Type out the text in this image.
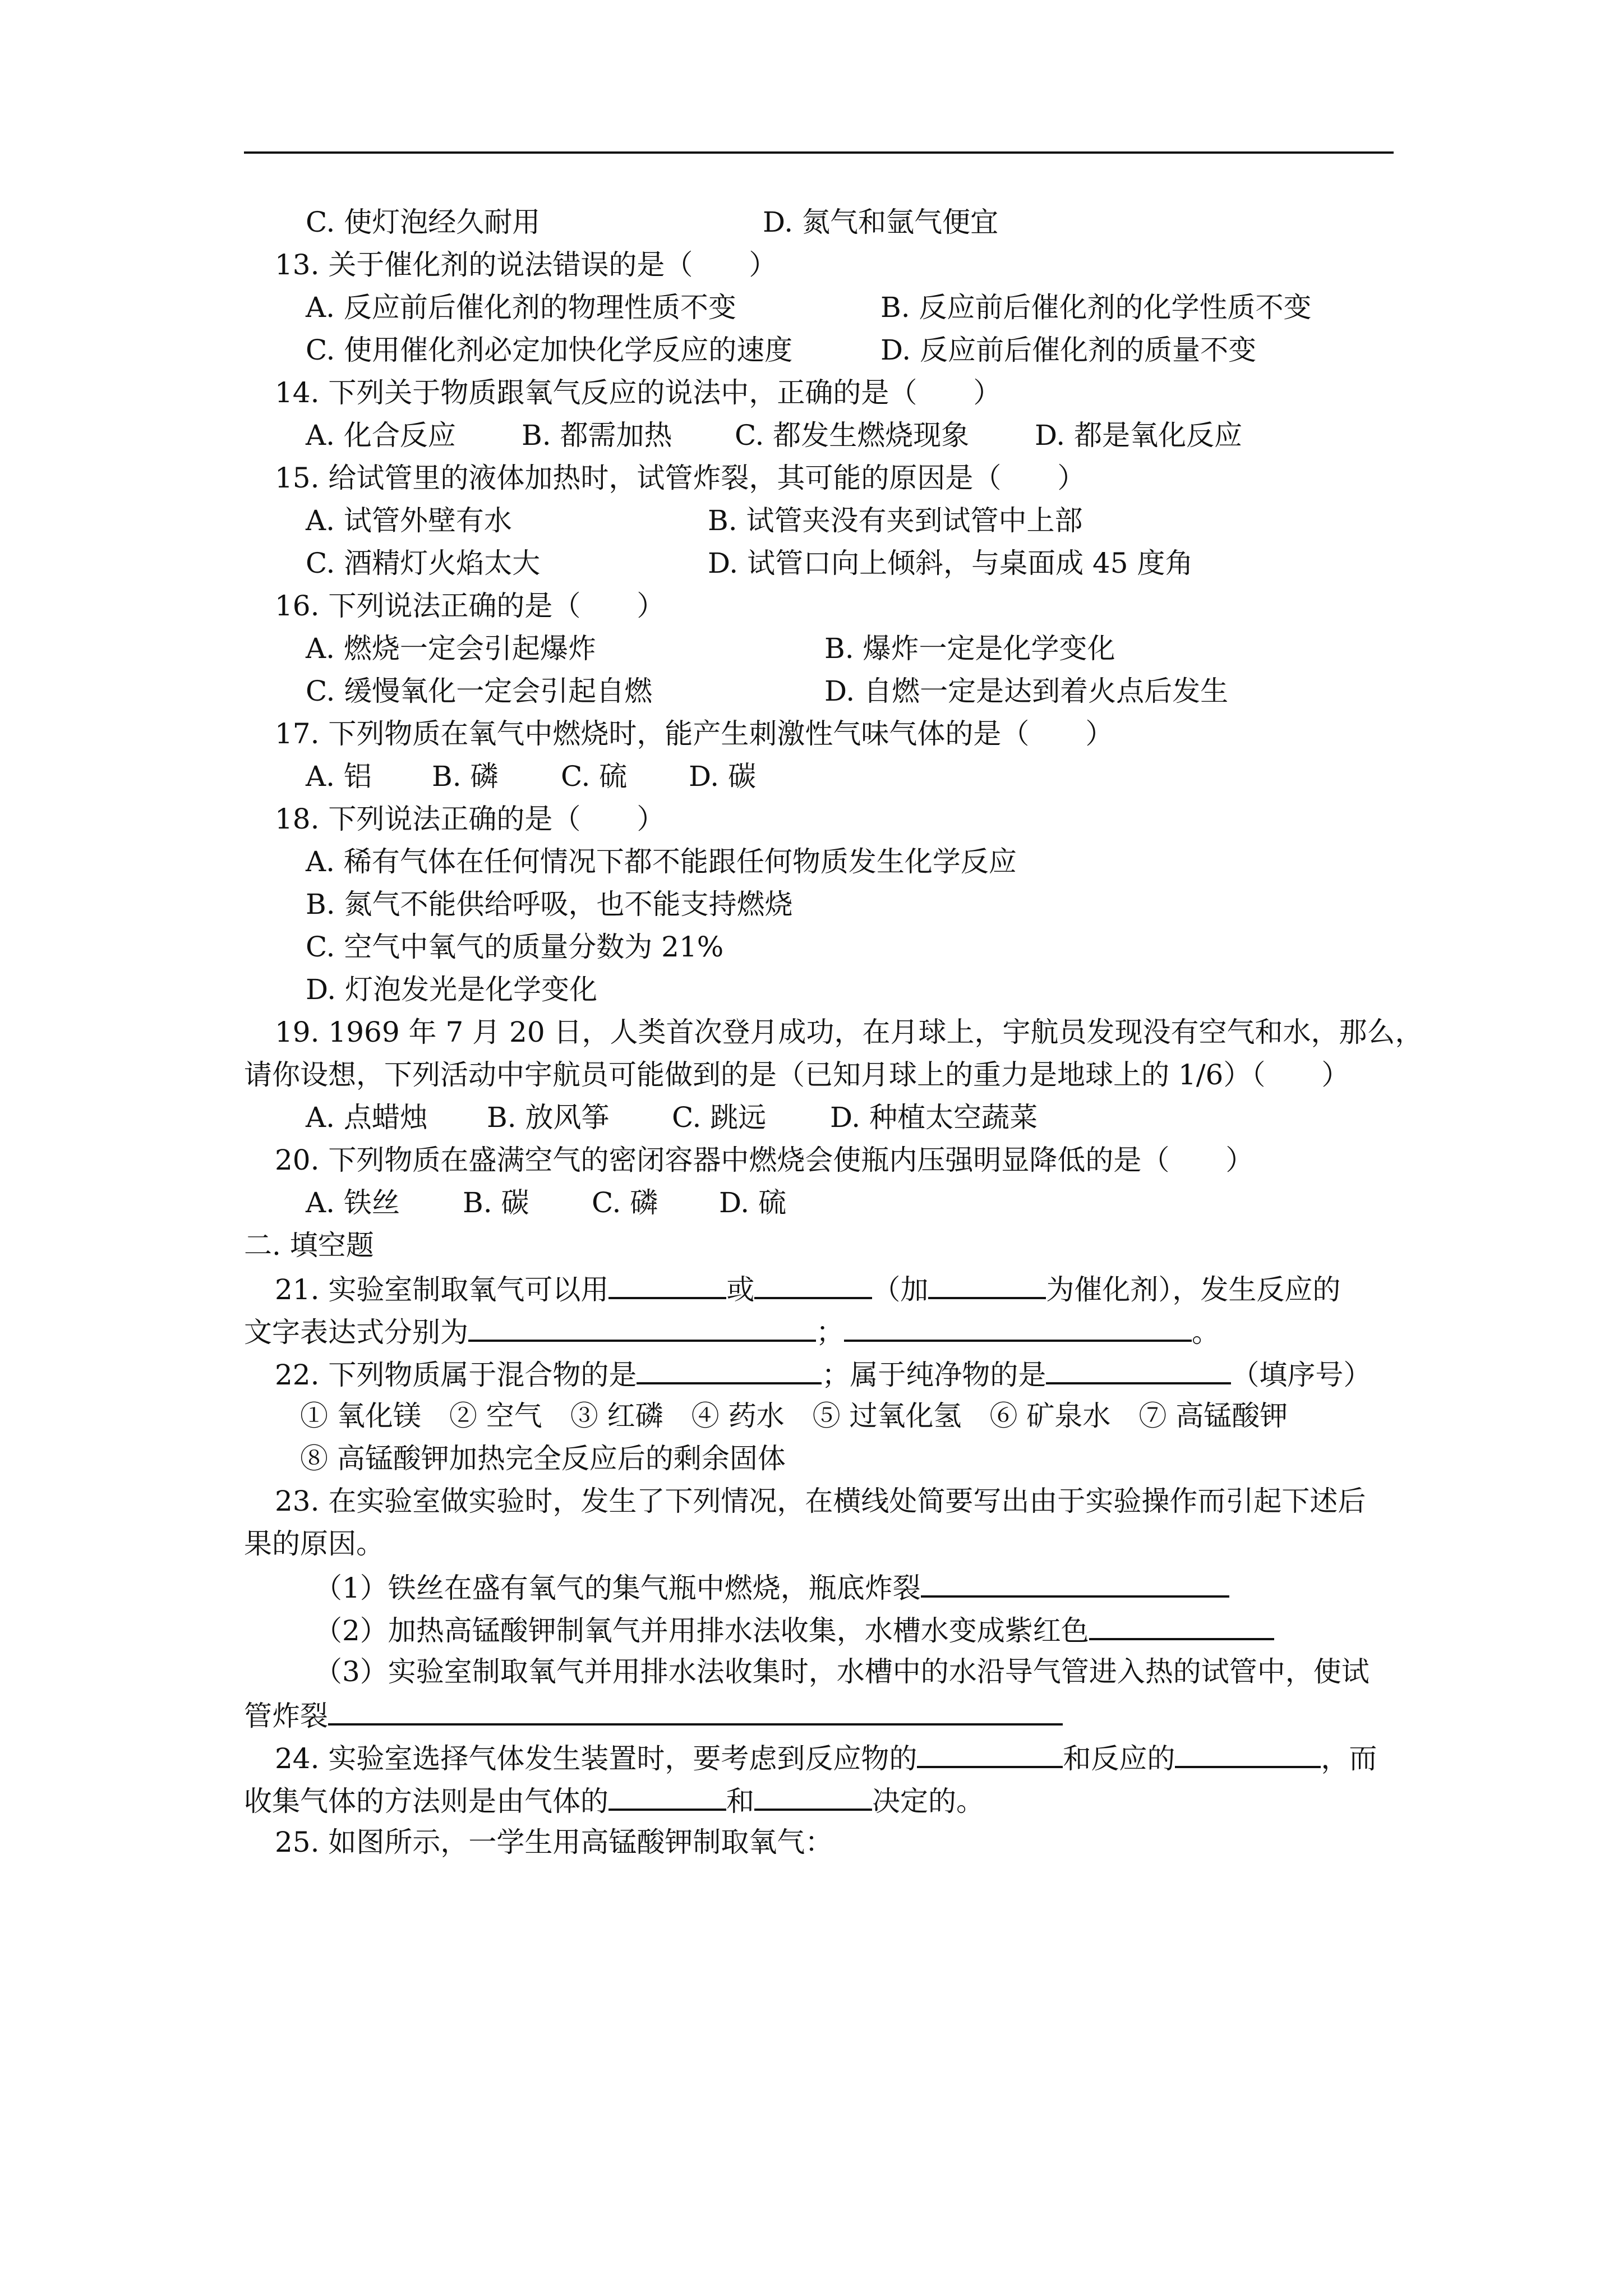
C. 使灯泡经久耐用	D. 氮气和氩气便宜
13. 关于催化剂的说法错误的是（　　）
A. 反应前后催化剂的物理性质不变	B. 反应前后催化剂的化学性质不变
C. 使用催化剂必定加快化学反应的速度	D. 反应前后催化剂的质量不变
14. 下列关于物质跟氧气反应的说法中，正确的是（　　）
A. 化合反应 B. 都需加热 C. 都发生燃烧现象 D. 都是氧化反应
15. 给试管里的液体加热时，试管炸裂，其可能的原因是（　　）
A. 试管外壁有水	B. 试管夹没有夹到试管中上部
C. 酒精灯火焰太大	D. 试管口向上倾斜，与桌面成 45 度角
16. 下列说法正确的是（　　）
A. 燃烧一定会引起爆炸	B. 爆炸一定是化学变化
C. 缓慢氧化一定会引起自燃	D. 自燃一定是达到着火点后发生
17. 下列物质在氧气中燃烧时，能产生刺激性气味气体的是（　　）
A. 铝 B. 磷 C. 硫 D. 碳
18. 下列说法正确的是（　　）
A. 稀有气体在任何情况下都不能跟任何物质发生化学反应
B. 氮气不能供给呼吸，也不能支持燃烧
C. 空气中氧气的质量分数为 21%
D. 灯泡发光是化学变化
19. 1969 年 7 月 20 日，人类首次登月成功，在月球上，宇航员发现没有空气和水，那么，
请你设想，下列活动中宇航员可能做到的是（已知月球上的重力是地球上的 1/6）（　　）
A. 点蜡烛 B. 放风筝 C. 跳远 D. 种植太空蔬菜
20. 下列物质在盛满空气的密闭容器中燃烧会使瓶内压强明显降低的是（　　）
A. 铁丝 B. 碳 C. 磷 D. 硫
二. 填空题
21. 实验室制取氧气可以用	或	（加	为催化剂），发生反应的
文字表达式分别为	；	。
22. 下列物质属于混合物的是	；属于纯净物的是	（填序号）
① 氧化镁　② 空气　③ 红磷　④ 药水　⑤ 过氧化氢　⑥ 矿泉水　⑦ 高锰酸钾
⑧ 高锰酸钾加热完全反应后的剩余固体
23. 在实验室做实验时，发生了下列情况，在横线处简要写出由于实验操作而引起下述后
果的原因。
（1）铁丝在盛有氧气的集气瓶中燃烧，瓶底炸裂
（2）加热高锰酸钾制氧气并用排水法收集，水槽水变成紫红色
（3）实验室制取氧气并用排水法收集时，水槽中的水沿导气管进入热的试管中，使试
管炸裂
24. 实验室选择气体发生装置时，要考虑到反应物的	和反应的	，而
收集气体的方法则是由气体的	和	决定的。
25. 如图所示，一学生用高锰酸钾制取氧气：
